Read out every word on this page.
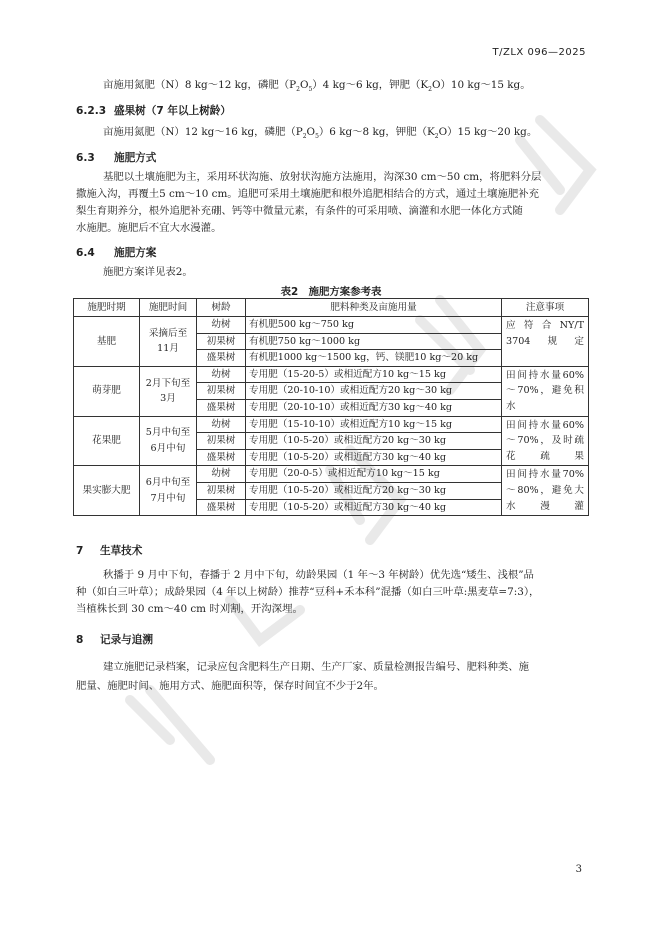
T/ZLX 096—2025
亩施用氮肥（N）8 kg～12 kg，磷肥$(P_2O_5)4$ kg～6 kg，钾肥$(K_2O)10$ kg～15 kg。
6.2.3 盛果树（7 年以上树龄）
亩施用氮肥（N）12 kg～16 kg，磷肥$(P_2O_5)6$ kg～8 kg，钾肥$(K_2O)15$ kg～20 kg。
6.3 施肥方式
基肥以土壤施肥为主，采用环状沟施、放射状沟施方法施用，沟深30 cm～50 cm，将肥料分层
撒施入沟，再覆土5 cm～10 cm。追肥可采用土壤施肥和根外追肥相结合的方式，通过土壤施肥补充
梨生育期养分，根外追肥补充硼、钙等中微量元素，有条件的可采用喷、滴灌和水肥一体化方式随
水施肥。施肥后不宜大水漫灌。
6.4 施肥方案
施肥方案详见表2。
表2　施肥方案参考表
施肥时期	施肥时间	树龄	肥料种类及亩施用量	注意事项
基肥	采摘后至11月	幼树	有机肥500 kg～750 kg	应符合NY/T 3704规定
		初果树	有机肥750 kg～1000 kg	
		盛果树	有机肥1000 kg～1500 kg，钙、镁肥10 kg～20 kg	
萌芽肥	2月下旬至3月	幼树	专用肥（15-20-5）或相近配方10 kg～15 kg	田间持水量60%～70%，避免积水
		初果树	专用肥（20-10-10）或相近配方20 kg～30 kg	
		盛果树	专用肥（20-10-10）或相近配方30 kg～40 kg	
花果肥	5月中旬至6月中旬	幼树	专用肥（15-10-10）或相近配方10 kg～15 kg	田间持水量60%～70%，及时疏花疏果
		初果树	专用肥（10-5-20）或相近配方20 kg～30 kg	
		盛果树	专用肥（10-5-20）或相近配方30 kg～40 kg	
果实膨大肥	6月中旬至7月中旬	幼树	专用肥（20-0-5）或相近配方10 kg～15 kg	田间持水量70%～80%，避免大水漫灌
		初果树	专用肥（10-5-20）或相近配方20 kg～30 kg	
		盛果树	专用肥（10-5-20）或相近配方30 kg～40 kg	
7 生草技术
秋播于 9 月中下旬，春播于 2 月中下旬，幼龄果园（1 年～3 年树龄）优先选“矮生、浅根”品
种（如白三叶草）；成龄果园（4 年以上树龄）推荐“豆科+禾本科”混播（如白三叶草:黑麦草=7:3），
当植株长到 30 cm～40 cm 时刈割，开沟深埋。
8 记录与追溯
建立施肥记录档案，记录应包含肥料生产日期、生产厂家、质量检测报告编号、肥料种类、施
肥量、施肥时间、施用方式、施肥面积等，保存时间宜不少于2年。
3
